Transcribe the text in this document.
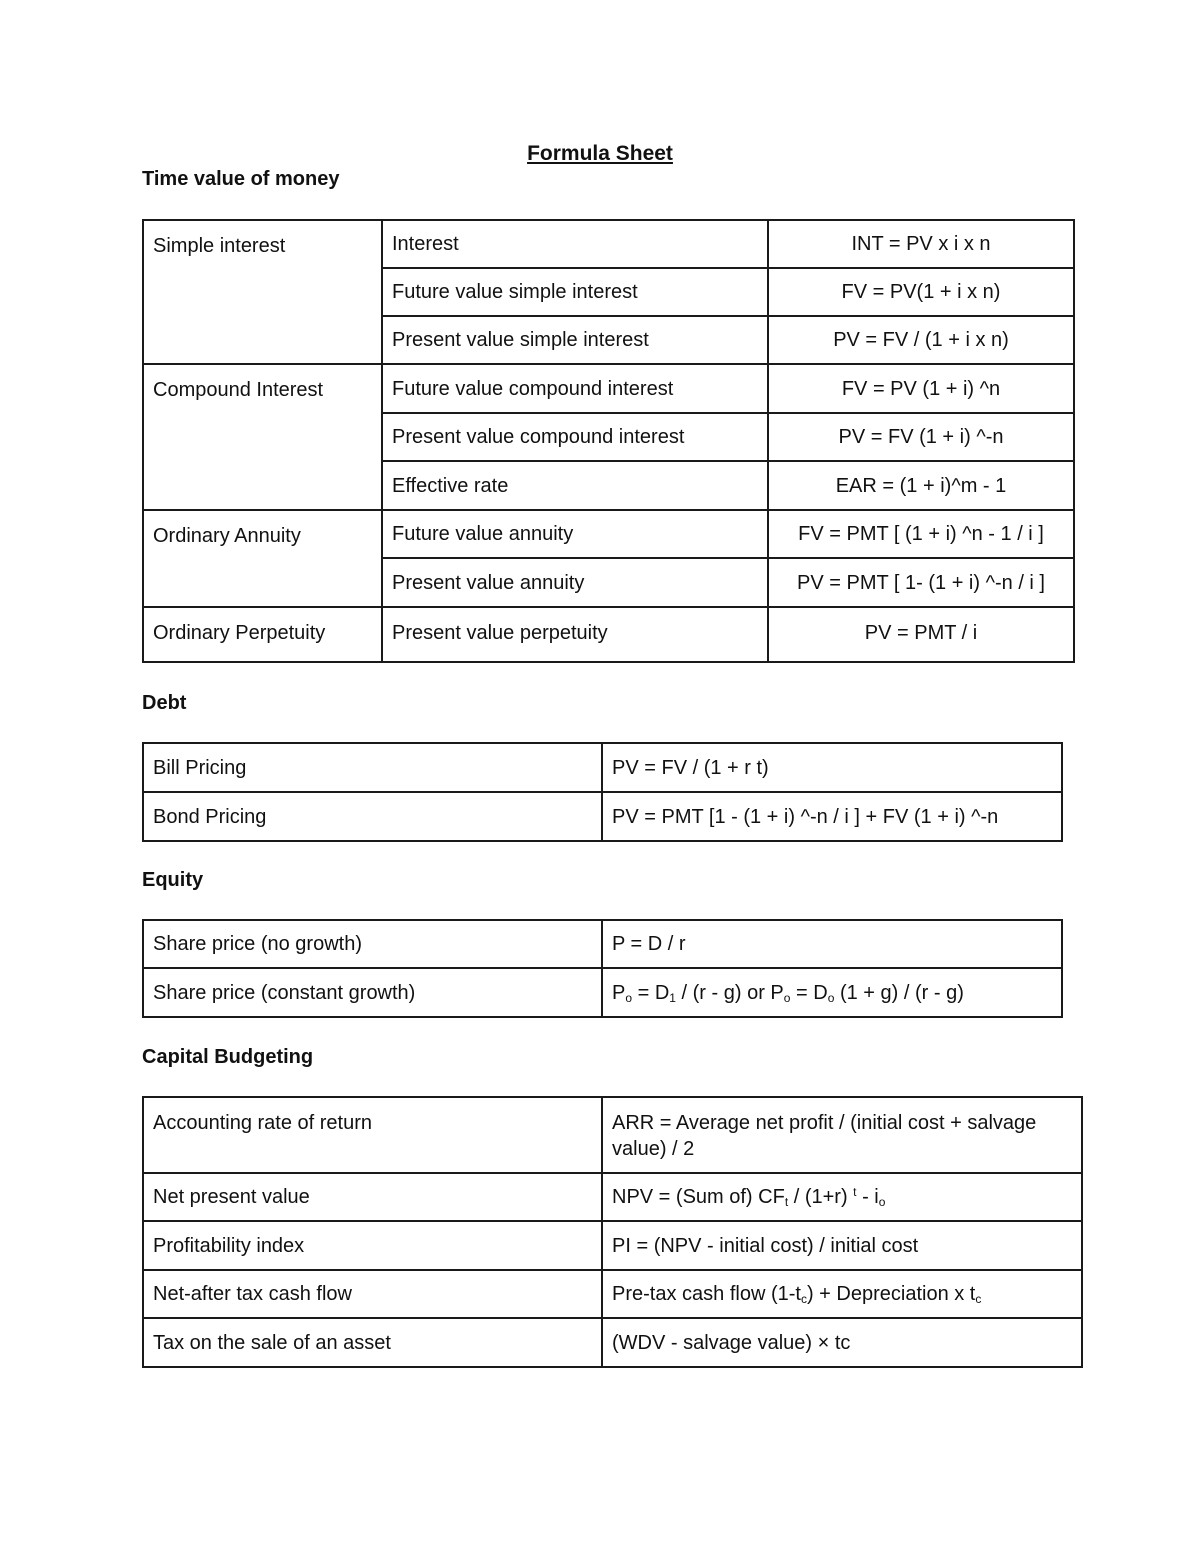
Formula Sheet
Time value of money
Simple interest	Interest	INT = PV x i x n
	Future value simple interest	FV = PV(1 + i x n)
	Present value simple interest	PV = FV / (1 + i x n)
Compound Interest	Future value compound interest	FV = PV (1 + i) ^n
	Present value compound interest	PV = FV (1 + i) ^-n
	Effective rate	EAR = (1 + i)^m - 1
Ordinary Annuity	Future value annuity	FV = PMT [ (1 + i) ^n - 1 / i ]
	Present value annuity	PV = PMT [ 1- (1 + i) ^-n / i ]
Ordinary Perpetuity	Present value perpetuity	PV = PMT / i
Debt
Bill Pricing	PV = FV / (1 + r t)
Bond Pricing	PV = PMT [1 - (1 + i) ^-n / i ] + FV (1 + i) ^-n
Equity
Share price (no growth)	P = D / r
Share price (constant growth)	$P_o = D_1 / (r - g)$ or $P_o = D_o$ (1 + g) / (r - g)
Capital Budgeting
Accounting rate of return	ARR = Average net profit / (initial cost + salvage value) / 2
Net present value	NPV = (Sum of) $CF_t / (1+r)$ $^t - i_o$
Profitability index	PI = (NPV - initial cost) / initial cost
Net-after tax cash flow	Pre-tax cash flow $(1-t_c)$ + Depreciation x $t_c$
Tax on the sale of an asset	(WDV - salvage value) × tc
